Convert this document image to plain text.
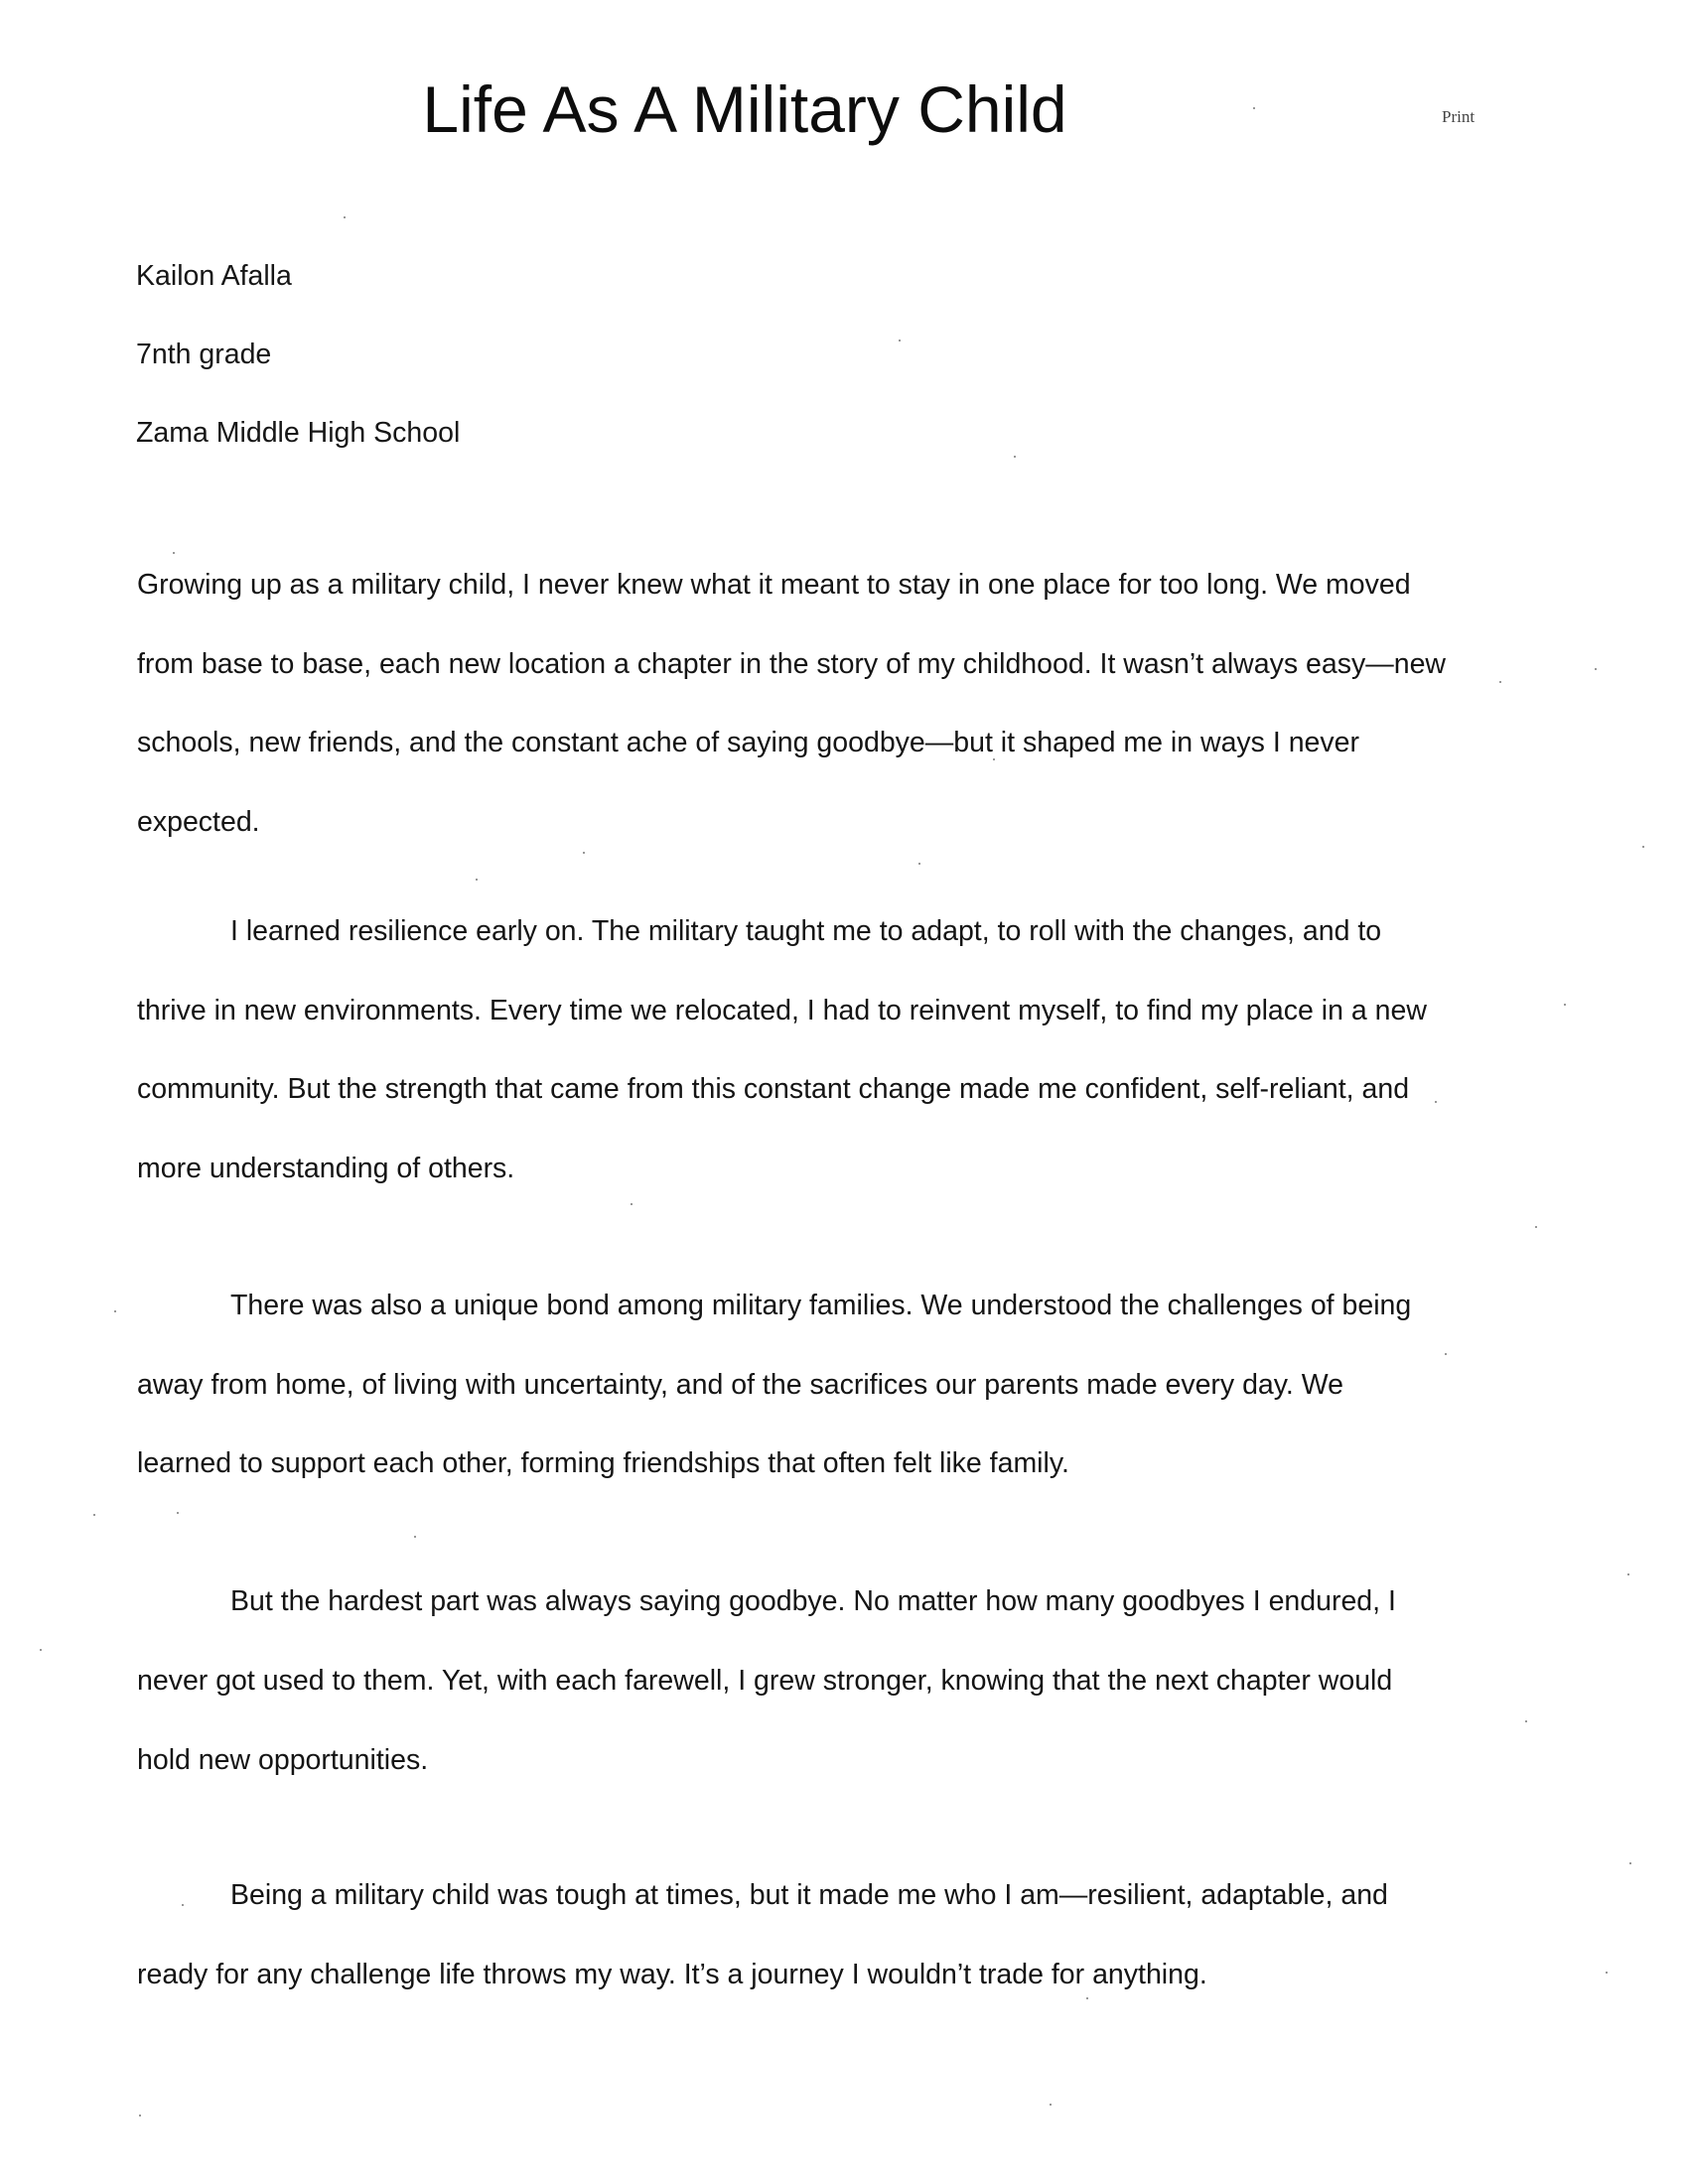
Life As A Military Child	Print
Kailon Afalla
7nth grade
Zama Middle High School
Growing up as a military child, I never knew what it meant to stay in one place for too long. We moved
from base to base, each new location a chapter in the story of my childhood. It wasn’t always easy—new
schools, new friends, and the constant ache of saying goodbye—but it shaped me in ways I never
expected.
I learned resilience early on. The military taught me to adapt, to roll with the changes, and to
thrive in new environments. Every time we relocated, I had to reinvent myself, to find my place in a new
community. But the strength that came from this constant change made me confident, self-reliant, and
more understanding of others.
There was also a unique bond among military families. We understood the challenges of being
away from home, of living with uncertainty, and of the sacrifices our parents made every day. We
learned to support each other, forming friendships that often felt like family.
But the hardest part was always saying goodbye. No matter how many goodbyes I endured, I
never got used to them. Yet, with each farewell, I grew stronger, knowing that the next chapter would
hold new opportunities.
Being a military child was tough at times, but it made me who I am—resilient, adaptable, and
ready for any challenge life throws my way. It’s a journey I wouldn’t trade for anything.
